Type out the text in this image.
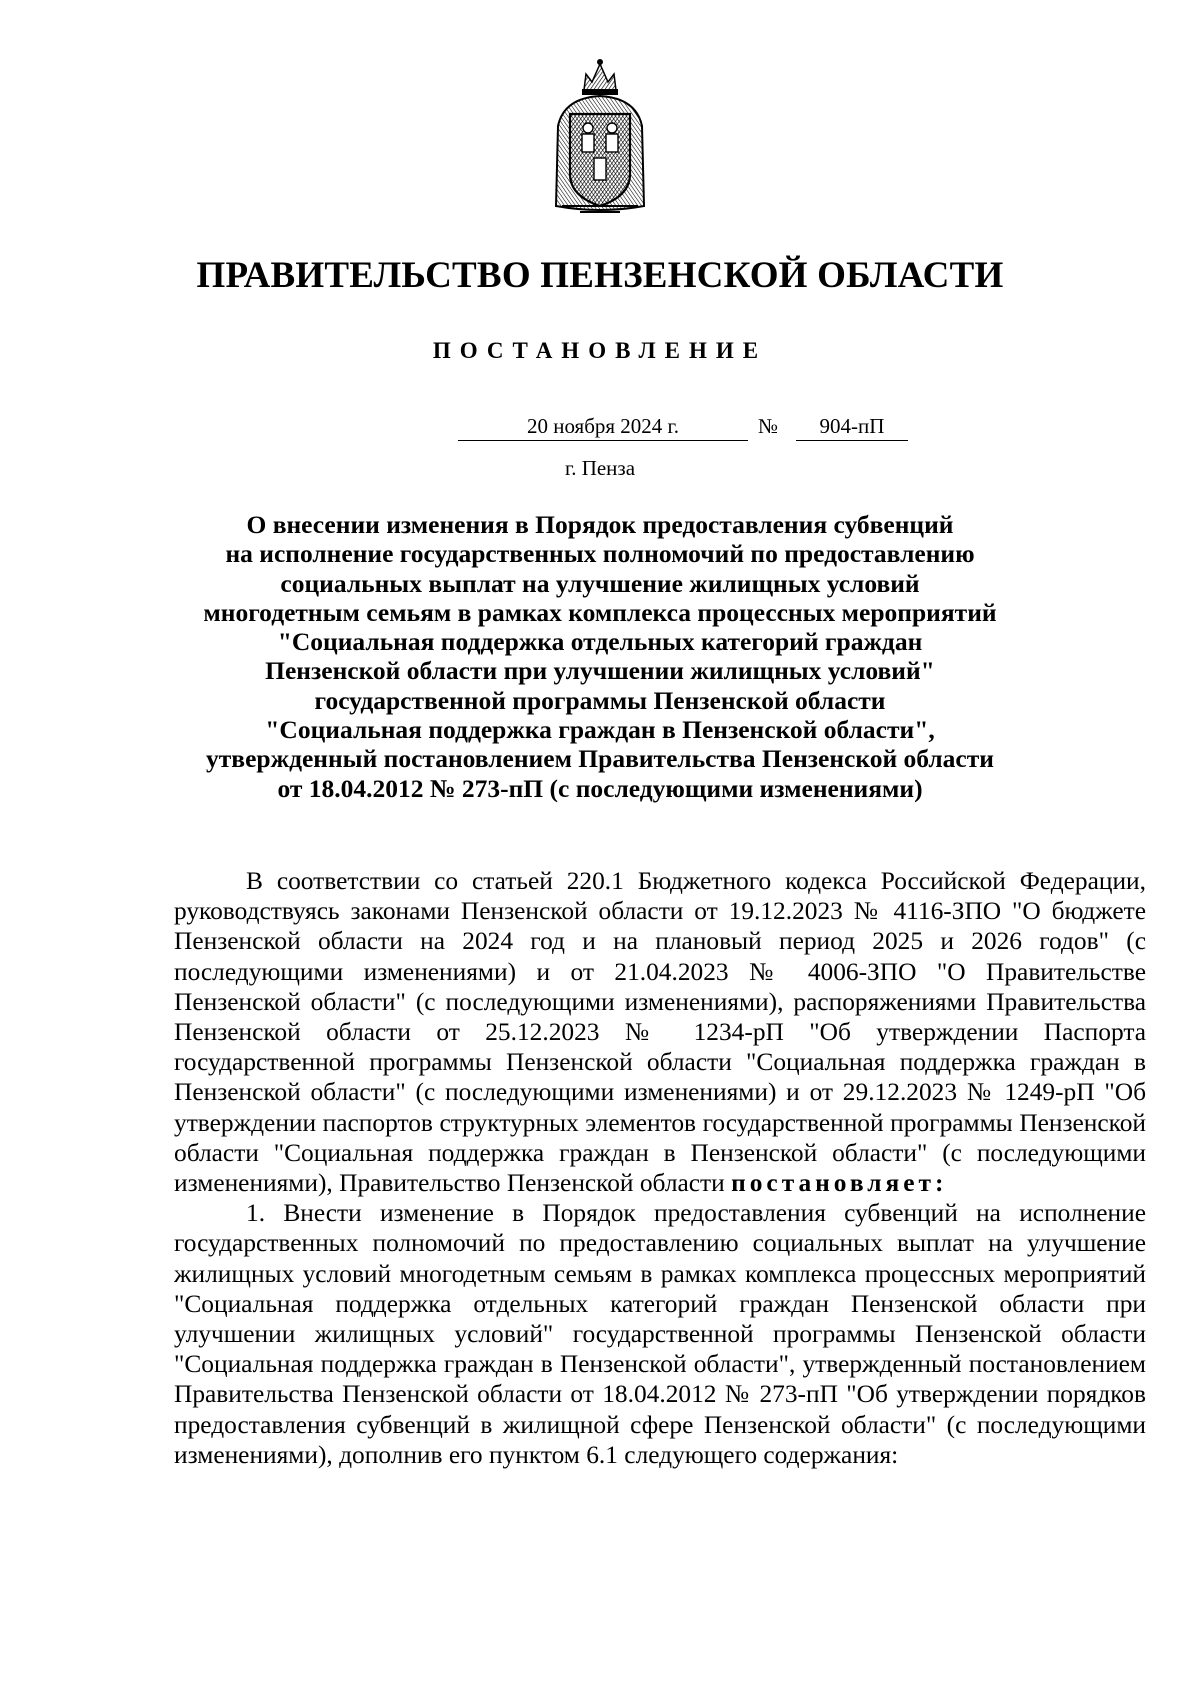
ПРАВИТЕЛЬСТВО ПЕНЗЕНСКОЙ ОБЛАСТИ
ПОСТАНОВЛЕНИЕ
20 ноября 2024 г.	№	904-пП
г. Пенза
О внесении изменения в Порядок предоставления субвенций
на исполнение государственных полномочий по предоставлению
социальных выплат на улучшение жилищных условий
многодетным семьям в рамках комплекса процессных мероприятий
"Социальная поддержка отдельных категорий граждан
Пензенской области при улучшении жилищных условий"
государственной программы Пензенской области
"Социальная поддержка граждан в Пензенской области",
утвержденный постановлением Правительства Пензенской области
от 18.04.2012 № 273-пП (с последующими изменениями)

В соответствии со статьей 220.1 Бюджетного кодекса Российской Федерации, руководствуясь законами Пензенской области от 19.12.2023 № 4116-ЗПО "О бюджете Пензенской области на 2024 год и на плановый период 2025 и 2026 годов" (с последующими изменениями) и от 21.04.2023 № 4006-ЗПО "О Правительстве Пензенской области" (с последующими изменениями), распоряжениями Правительства Пензенской области от 25.12.2023 № 1234-рП "Об утверждении Паспорта государственной программы Пензенской области "Социальная поддержка граждан в Пензенской области" (с последующими изменениями) и от 29.12.2023 № 1249-рП "Об утверждении паспортов структурных элементов государственной программы Пензенской области "Социальная поддержка граждан в Пензенской области" (с последующими изменениями), Правительство Пензенской области постановляет:

1. Внести изменение в Порядок предоставления субвенций на исполнение государственных полномочий по предоставлению социальных выплат на улучшение жилищных условий многодетным семьям в рамках комплекса процессных мероприятий "Социальная поддержка отдельных категорий граждан Пензенской области при улучшении жилищных условий" государственной программы Пензенской области "Социальная поддержка граждан в Пензенской области", утвержденный постановлением Правительства Пензенской области от 18.04.2012 № 273-пП "Об утверждении порядков предоставления субвенций в жилищной сфере Пензенской области" (с последующими изменениями), дополнив его пунктом 6.1 следующего содержания:
